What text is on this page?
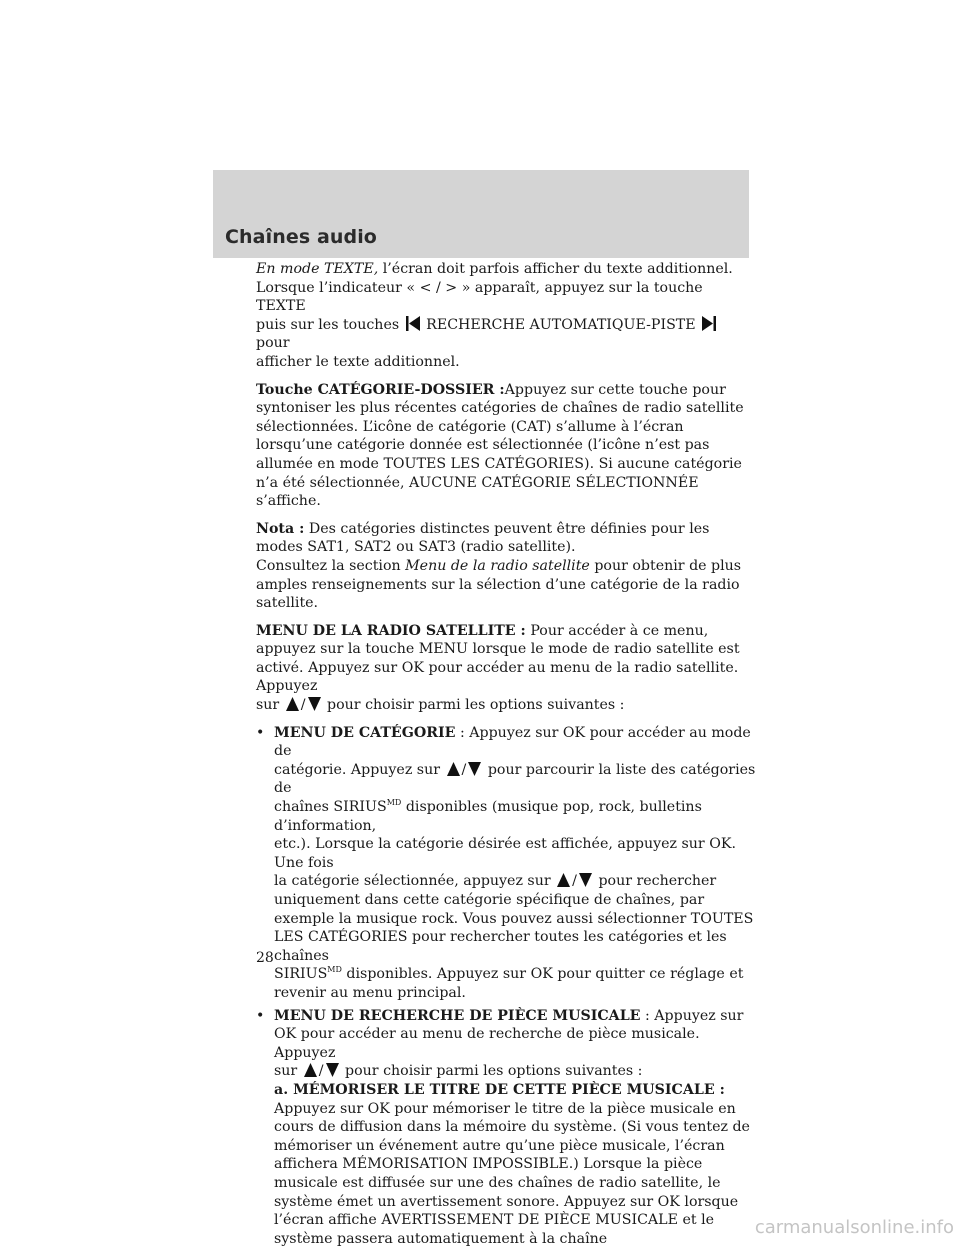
Chaînes audio

En mode TEXTE, l’écran doit parfois afficher du texte additionnel.
Lorsque l’indicateur « < / > » apparaît, appuyez sur la touche TEXTE
puis sur les touches RECHERCHE AUTOMATIQUE-PISTE  pour
afficher le texte additionnel.

Touche CATÉGORIE-DOSSIER :Appuyez sur cette touche pour syntoniser les plus récentes catégories de chaînes de radio satellite sélectionnées. L’icône de catégorie (CAT) s’allume à l’écran lorsqu’une catégorie donnée est sélectionnée (l’icône n’est pas allumée en mode TOUTES LES CATÉGORIES). Si aucune catégorie n’a été sélectionnée, AUCUNE CATÉGORIE SÉLECTIONNÉE s’affiche.

Nota : Des catégories distinctes peuvent être définies pour les modes SAT1, SAT2 ou SAT3 (radio satellite).
Consultez la section Menu de la radio satellite pour obtenir de plus amples renseignements sur la sélection d’une catégorie de la radio satellite.

MENU DE LA RADIO SATELLITE : Pour accéder à ce menu, appuyez sur la touche MENU lorsque le mode de radio satellite est activé. Appuyez sur OK pour accéder au menu de la radio satellite. Appuyez
sur / pour choisir parmi les options suivantes :

• MENU DE CATÉGORIE : Appuyez sur OK pour accéder au mode de
catégorie. Appuyez sur / pour parcourir la liste des catégories de
chaînes $SIRIUS^{MD}$ disponibles (musique pop, rock, bulletins d’information,
etc.). Lorsque la catégorie désirée est affichée, appuyez sur OK. Une fois
la catégorie sélectionnée, appuyez sur / pour rechercher
uniquement dans cette catégorie spécifique de chaînes, par exemple la musique rock. Vous pouvez aussi sélectionner TOUTES LES CATÉGORIES pour rechercher toutes les catégories et les chaînes
$SIRIUS^{MD}$ disponibles. Appuyez sur OK pour quitter ce réglage et revenir au menu principal.
• MENU DE RECHERCHE DE PIÈCE MUSICALE : Appuyez sur OK pour accéder au menu de recherche de pièce musicale. Appuyez
sur / pour choisir parmi les options suivantes :
a. MÉMORISER LE TITRE DE CETTE PIÈCE MUSICALE :
Appuyez sur OK pour mémoriser le titre de la pièce musicale en cours de diffusion dans la mémoire du système. (Si vous tentez de mémoriser un événement autre qu’une pièce musicale, l’écran affichera MÉMORISATION IMPOSSIBLE.) Lorsque la pièce musicale est diffusée sur une des chaînes de radio satellite, le système émet un avertissement sonore. Appuyez sur OK lorsque l’écran affiche AVERTISSEMENT DE PIÈCE MUSICALE et le système passera automatiquement à la chaîne
28
carmanualsonline.info
